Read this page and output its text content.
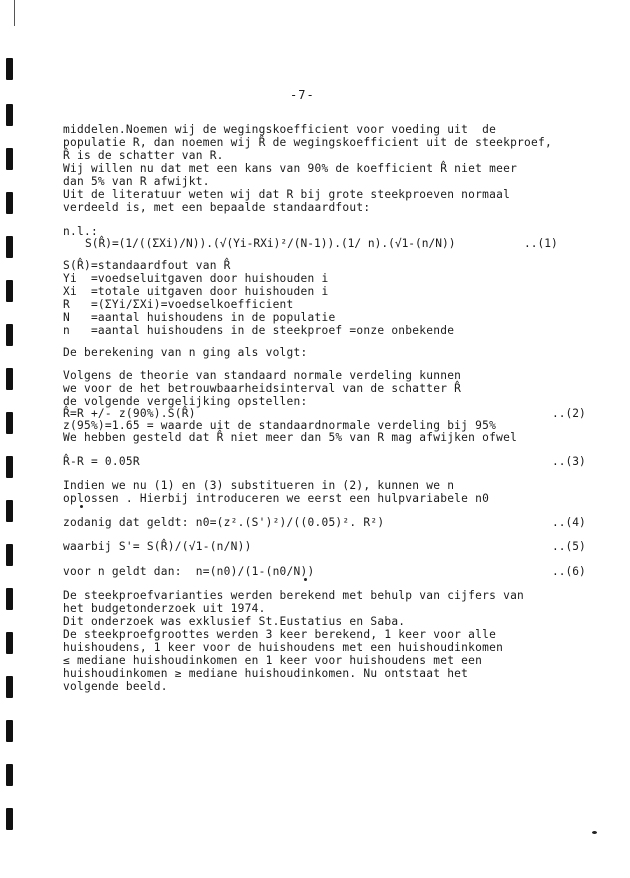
-7-
middelen.Noemen wij de wegingskoefficient voor voeding uit  de
populatie R, dan noemen wij R̂ de wegingskoefficient uit de steekproef,
R̂ is de schatter van R.
Wij willen nu dat met een kans van 90% de koefficient R̂ niet meer
dan 5% van R afwijkt.
Uit de literatuur weten wij dat R bij grote steekproeven normaal
verdeeld is, met een bepaalde standaardfout:
n.l.:
S(R̂)=(1/((ΣXi)/N)).(√(Yi-RXi)²/(N-1)).(1/ n).(√1-(n/N))	..(1)
S(R̂)=standaardfout van R̂
Yi  =voedseluitgaven door huishouden i
Xi  =totale uitgaven door huishouden i
R   =(ΣYi/ΣXi)=voedselkoefficient
N   =aantal huishoudens in de populatie
n   =aantal huishoudens in de steekproef =onze onbekende
De berekening van n ging als volgt:
Volgens de theorie van standaard normale verdeling kunnen
we voor de het betrouwbaarheidsinterval van de schatter R̂
de volgende vergelijking opstellen:
R̂=R +/- z(90%).S(R̂)	..(2)
z(95%)=1.65 = waarde uit de standaardnormale verdeling bij 95%
We hebben gesteld dat R̂ niet meer dan 5% van R mag afwijken ofwel
R̂-R = 0.05R	..(3)
Indien we nu (1) en (3) substitueren in (2), kunnen we n
oplossen . Hierbij introduceren we eerst een hulpvariabele n0
zodanig dat geldt: n0=(z².(S')²)/((0.05)². R²)	..(4)
waarbij S'= S(R̂)/(√1-(n/N))	..(5)
voor n geldt dan:  n=(n0)/(1-(n0/N))	..(6)
De steekproefvarianties werden berekend met behulp van cijfers van
het budgetonderzoek uit 1974.
Dit onderzoek was exklusief St.Eustatius en Saba.
De steekproefgroottes werden 3 keer berekend, 1 keer voor alle
huishoudens, 1 keer voor de huishoudens met een huishoudinkomen
≤ mediane huishoudinkomen en 1 keer voor huishoudens met een
huishoudinkomen ≥ mediane huishoudinkomen. Nu ontstaat het
volgende beeld.
